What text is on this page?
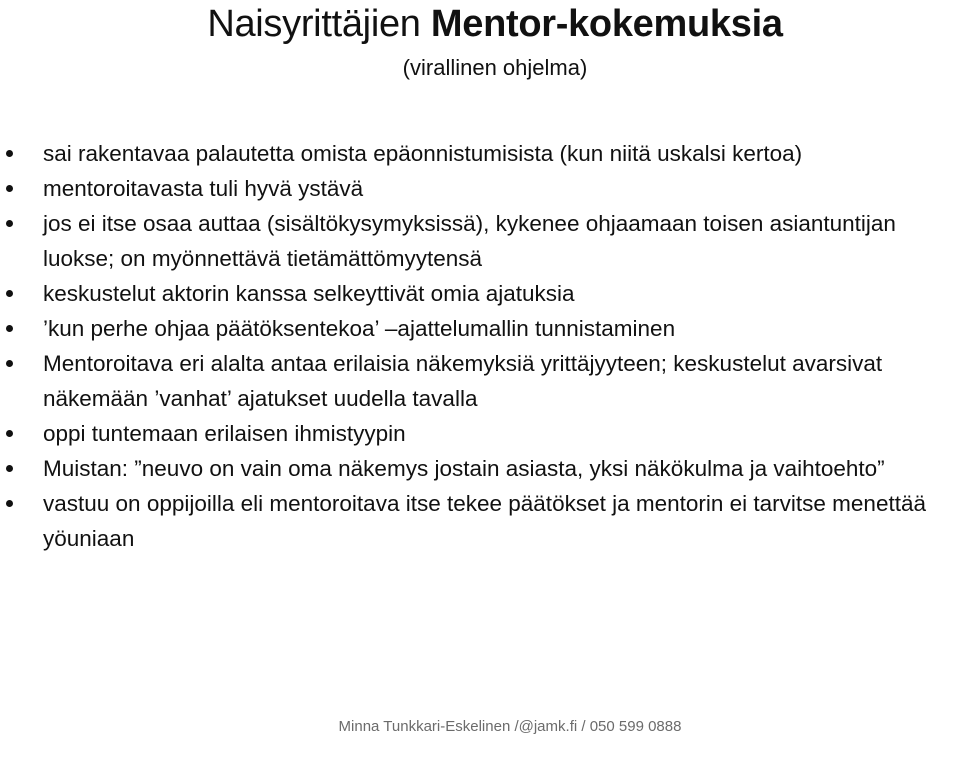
Naisyrittäjien Mentor-kokemuksia
(virallinen ohjelma)
sai rakentavaa palautetta omista epäonnistumisista (kun niitä uskalsi kertoa)
mentoroitavasta tuli hyvä ystävä
jos ei itse osaa auttaa (sisältökysymyksissä), kykenee ohjaamaan toisen asiantuntijan luokse; on myönnettävä tietämättömyytensä
keskustelut aktorin kanssa selkeyttivät omia ajatuksia
’kun perhe ohjaa päätöksentekoa’ –ajattelumallin tunnistaminen
Mentoroitava eri alalta antaa erilaisia näkemyksiä yrittäjyyteen; keskustelut avarsivat näkemään ’vanhat’ ajatukset uudella tavalla
oppi tuntemaan erilaisen ihmistyypin
Muistan: ”neuvo on vain oma näkemys jostain asiasta, yksi näkökulma ja vaihtoehto”
vastuu on oppijoilla eli mentoroitava itse tekee päätökset ja mentorin ei tarvitse menettää yöuniaan
Minna Tunkkari-Eskelinen /@jamk.fi / 050 599 0888
